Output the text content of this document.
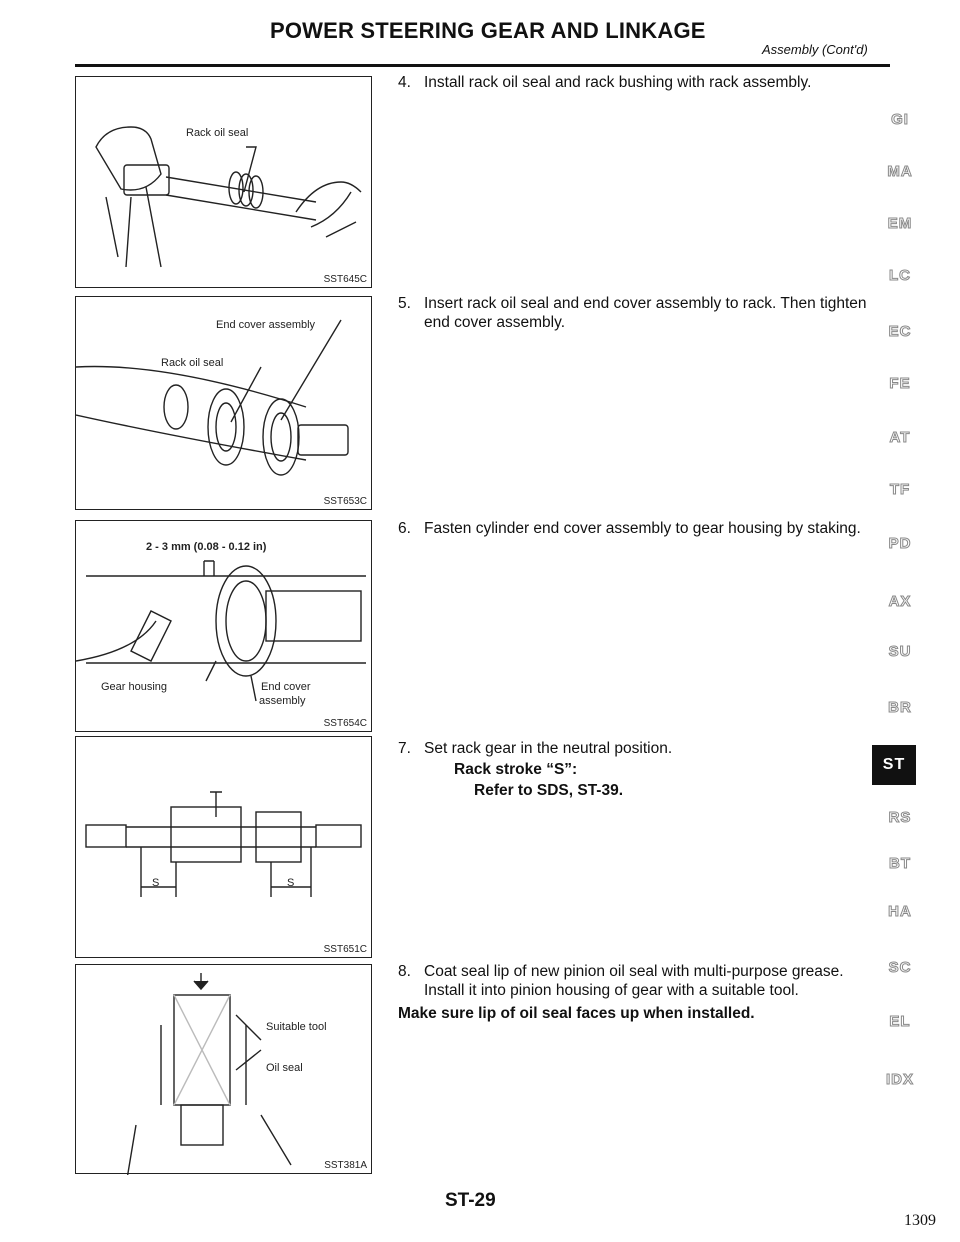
POWER STEERING GEAR AND LINKAGE
Assembly (Cont'd)
Rack oil seal
SST645C
End cover assembly
Rack oil seal
SST653C
2 - 3 mm (0.08 - 0.12 in)
Gear housing	End cover
assembly
SST654C
S	S
SST651C
Suitable tool
Oil seal
SST381A
4. Install rack oil seal and rack bushing with rack assembly.
5. Insert rack oil seal and end cover assembly to rack. Then tighten end cover assembly.
6. Fasten cylinder end cover assembly to gear housing by staking.
7. Set rack gear in the neutral position.
Rack stroke “S”:
Refer to SDS, ST-39.
8. Coat seal lip of new pinion oil seal with multi-purpose grease. Install it into pinion housing of gear with a suitable tool.
Make sure lip of oil seal faces up when installed.
GI
MA
EM
LC
EC
FE
AT
TF
PD
AX
SU
BR
ST
RS
BT
HA
SC
EL
IDX
ST-29
1309
